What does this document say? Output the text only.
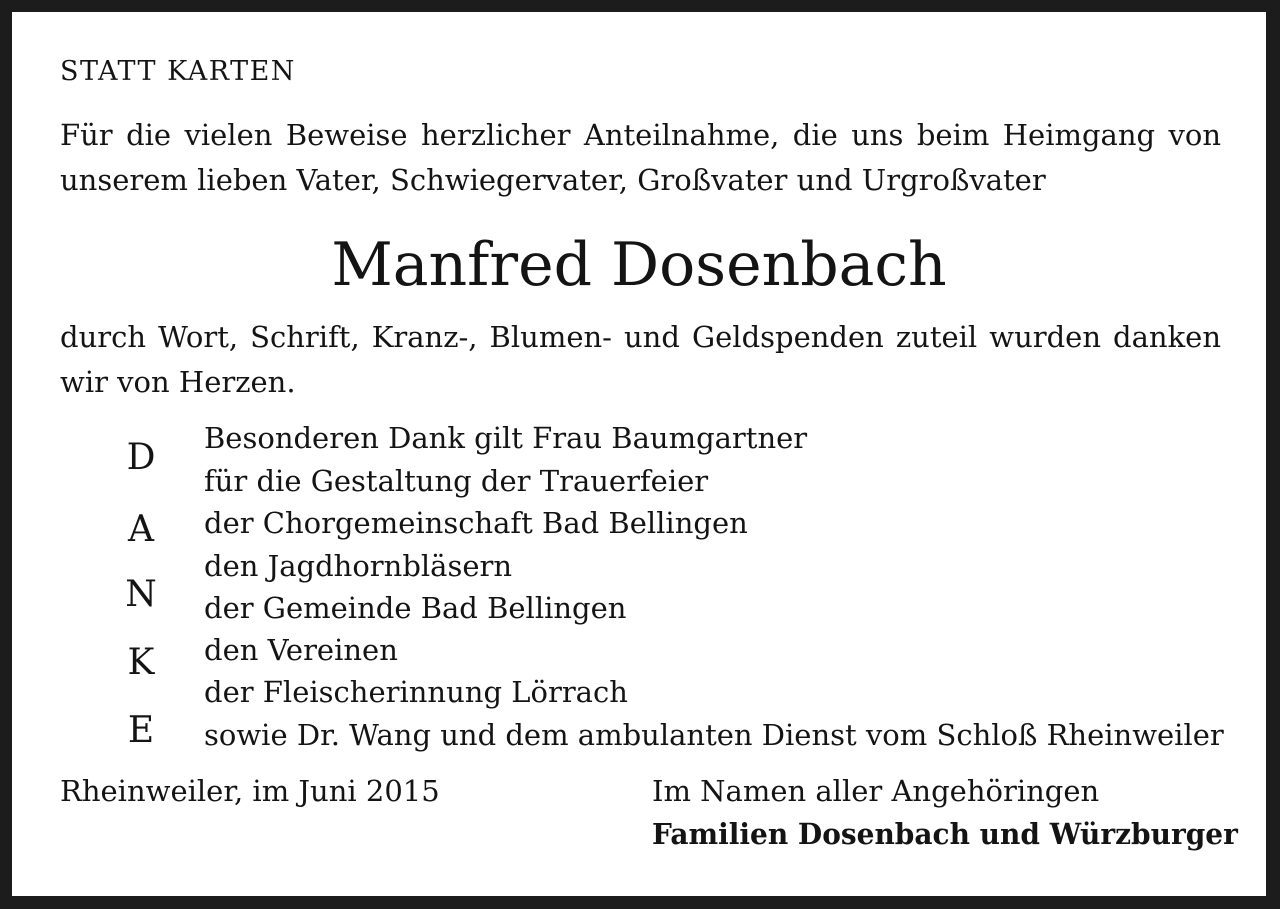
STATT KARTEN
Für die vielen Beweise herzlicher Anteilnahme, die uns beim Heimgang von unserem lieben Vater, Schwiegervater, Großvater und Urgroßvater
Manfred Dosenbach
durch Wort, Schrift, Kranz-, Blumen- und Geldspenden zuteil wurden danken wir von Herzen.
D
A
N
K
E
Besonderen Dank gilt Frau Baumgartner
für die Gestaltung der Trauerfeier
der Chorgemeinschaft Bad Bellingen
den Jagdhornbläsern
der Gemeinde Bad Bellingen
den Vereinen
der Fleischerinnung Lörrach
sowie Dr. Wang und dem ambulanten Dienst vom Schloß Rheinweiler
Rheinweiler, im Juni 2015	Im Namen aller Angehöringen
Familien Dosenbach und Würzburger
